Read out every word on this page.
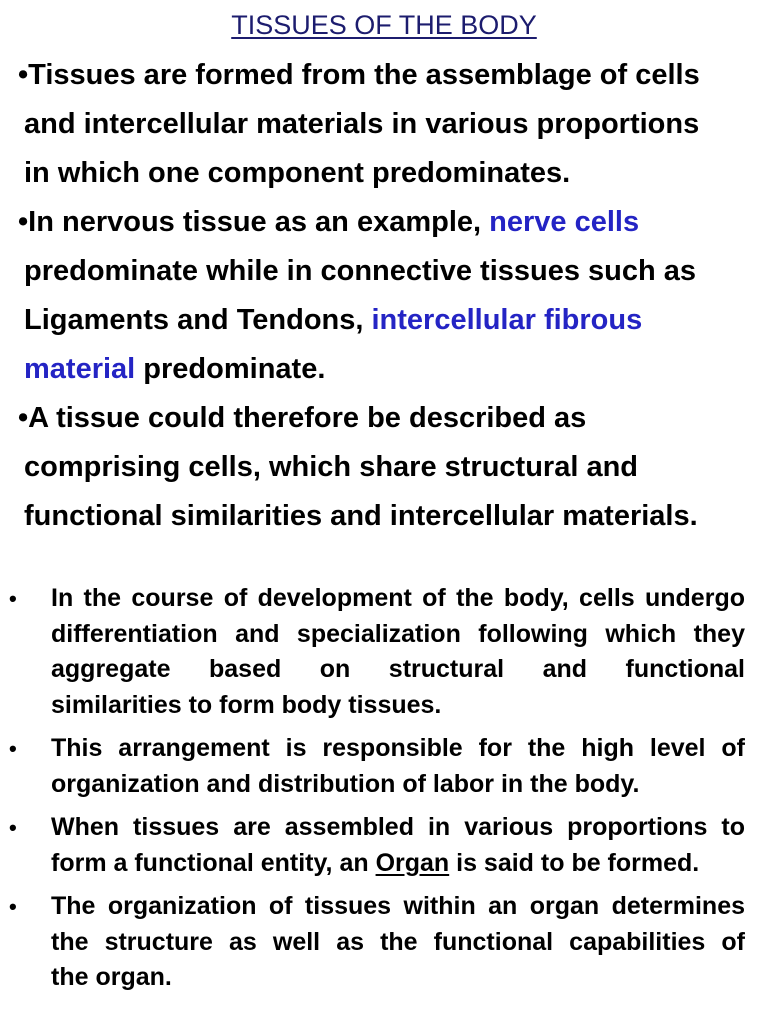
TISSUES OF THE BODY
•Tissues are formed from the assemblage of cells
and intercellular materials in various proportions
in which one component predominates.
•In nervous tissue as an example, nerve cells
predominate while in connective tissues such as
Ligaments and Tendons, intercellular fibrous
material predominate.
•A tissue could therefore be described as
comprising cells, which share structural and
functional similarities and intercellular materials.
• In the course of development of the body, cells undergo
differentiation and specialization following which they
aggregate based on structural and functional
similarities to form body tissues.
• This arrangement is responsible for the high level of
organization and distribution of labor in the body.
• When tissues are assembled in various proportions to
form a functional entity, an Organ is said to be formed.
• The organization of tissues within an organ determines
the structure as well as the functional capabilities of
the organ.
